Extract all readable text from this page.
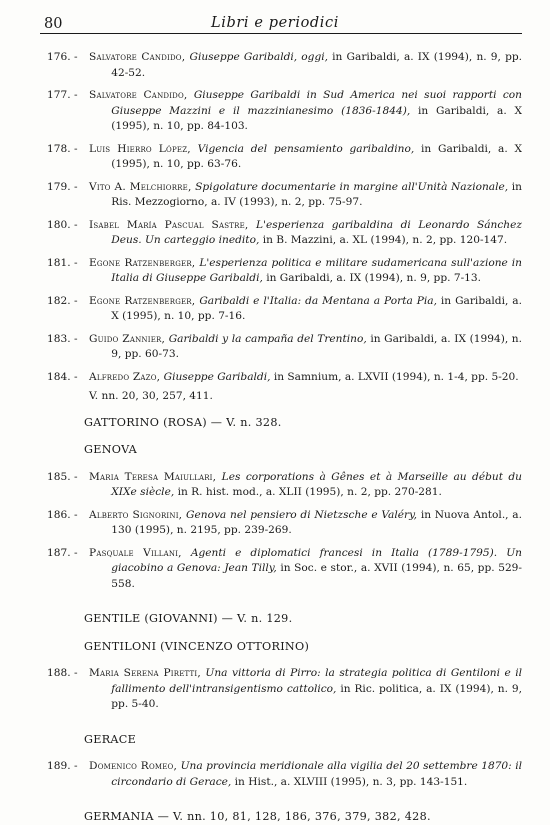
80	Libri e periodici
176. -	Salvatore Candido, Giuseppe Garibaldi, oggi, in Garibaldi, a. IX (1994), n. 9, pp. 42-52.
177. -	Salvatore Candido, Giuseppe Garibaldi in Sud America nei suoi rapporti con Giuseppe Mazzini e il mazzinianesimo (1836-1844), in Garibaldi, a. X (1995), n. 10, pp. 84-103.
178. -	Luis Hierro López, Vigencia del pensamiento garibaldino, in Garibaldi, a. X (1995), n. 10, pp. 63-76.
179. -	Vito A. Melchiorre, Spigolature documentarie in margine all'Unità Nazionale, in Ris. Mezzogiorno, a. IV (1993), n. 2, pp. 75-97.
180. -	Isabel María Pascual Sastre, L'esperienza garibaldina di Leonardo Sánchez Deus. Un carteggio inedito, in B. Mazzini, a. XL (1994), n. 2, pp. 120-147.
181. -	Egone Ratzenberger, L'esperienza politica e militare sudamericana sull'azione in Italia di Giuseppe Garibaldi, in Garibaldi, a. IX (1994), n. 9, pp. 7-13.
182. -	Egone Ratzenberger, Garibaldi e l'Italia: da Mentana a Porta Pia, in Garibaldi, a. X (1995), n. 10, pp. 7-16.
183. -	Guido Zannier, Garibaldi y la campaña del Trentino, in Garibaldi, a. IX (1994), n. 9, pp. 60-73.
184. -	Alfredo Zazo, Giuseppe Garibaldi, in Samnium, a. LXVII (1994), n. 1-4, pp. 5-20.
V. nn. 20, 30, 257, 411.
GATTORINO (ROSA) — V. n. 328.
GENOVA
185. -	Maria Teresa Maiullari, Les corporations à Gênes et à Marseille au début du XIXe siècle, in R. hist. mod., a. XLII (1995), n. 2, pp. 270-281.
186. -	Alberto Signorini, Genova nel pensiero di Nietzsche e Valéry, in Nuova Antol., a. 130 (1995), n. 2195, pp. 239-269.
187. -	Pasquale Villani, Agenti e diplomatici francesi in Italia (1789-1795). Un giacobino a Genova: Jean Tilly, in Soc. e stor., a. XVII (1994), n. 65, pp. 529-558.
GENTILE (GIOVANNI) — V. n. 129.
GENTILONI (VINCENZO OTTORINO)
188. -	Maria Serena Piretti, Una vittoria di Pirro: la strategia politica di Gentiloni e il fallimento dell'intransigentismo cattolico, in Ric. politica, a. IX (1994), n. 9, pp. 5-40.
GERACE
189. -	Domenico Romeo, Una provincia meridionale alla vigilia del 20 settembre 1870: il circondario di Gerace, in Hist., a. XLVIII (1995), n. 3, pp. 143-151.
GERMANIA — V. nn. 10, 81, 128, 186, 376, 379, 382, 428.
